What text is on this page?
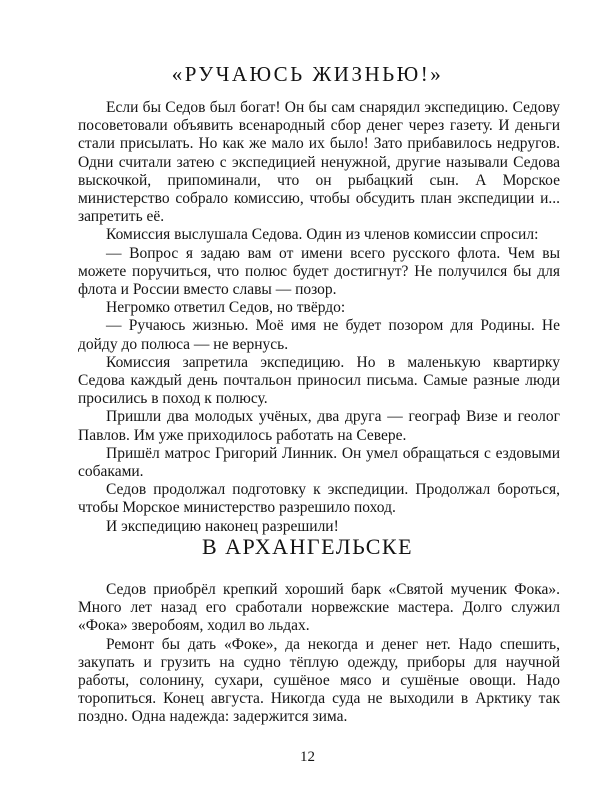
«РУЧАЮСЬ ЖИЗНЬЮ!»

Если бы Седов был богат! Он бы сам снарядил экспедицию. Седову посоветовали объявить всенародный сбор денег через газету. И деньги стали присылать. Но как же мало их было! Зато прибавилось недругов. Одни считали затею с экспедицией ненужной, другие называли Седова выскочкой, припоминали, что он рыбацкий сын. А Морское министерство собрало комиссию, чтобы обсудить план экспедиции и... запретить её.

Комиссия выслушала Седова. Один из членов комиссии спросил:

— Вопрос я задаю вам от имени всего русского флота. Чем вы можете поручиться, что полюс будет достигнут? Не получился бы для флота и России вместо славы — позор.

Негромко ответил Седов, но твёрдо:

— Ручаюсь жизнью. Моё имя не будет позором для Родины. Не дойду до полюса — не вернусь.

Комиссия запретила экспедицию. Но в маленькую квартирку Седова каждый день почтальон приносил письма. Самые разные люди просились в поход к полюсу.

Пришли два молодых учёных, два друга — географ Визе и геолог Павлов. Им уже приходилось работать на Севере.

Пришёл матрос Григорий Линник. Он умел обращаться с ездовыми собаками.

Седов продолжал подготовку к экспедиции. Продолжал бороться, чтобы Морское министерство разрешило поход.

И экспедицию наконец разрешили!

В АРХАНГЕЛЬСКЕ

Седов приобрёл крепкий хороший барк «Святой мученик Фока». Много лет назад его сработали норвежские мастера. Долго служил «Фока» зверобоям, ходил во льдах.

Ремонт бы дать «Фоке», да некогда и денег нет. Надо спешить, закупать и грузить на судно тёплую одежду, приборы для научной работы, солонину, сухари, сушёное мясо и сушёные овощи. Надо торопиться. Конец августа. Никогда суда не выходили в Арктику так поздно. Одна надежда: задержится зима.

12
